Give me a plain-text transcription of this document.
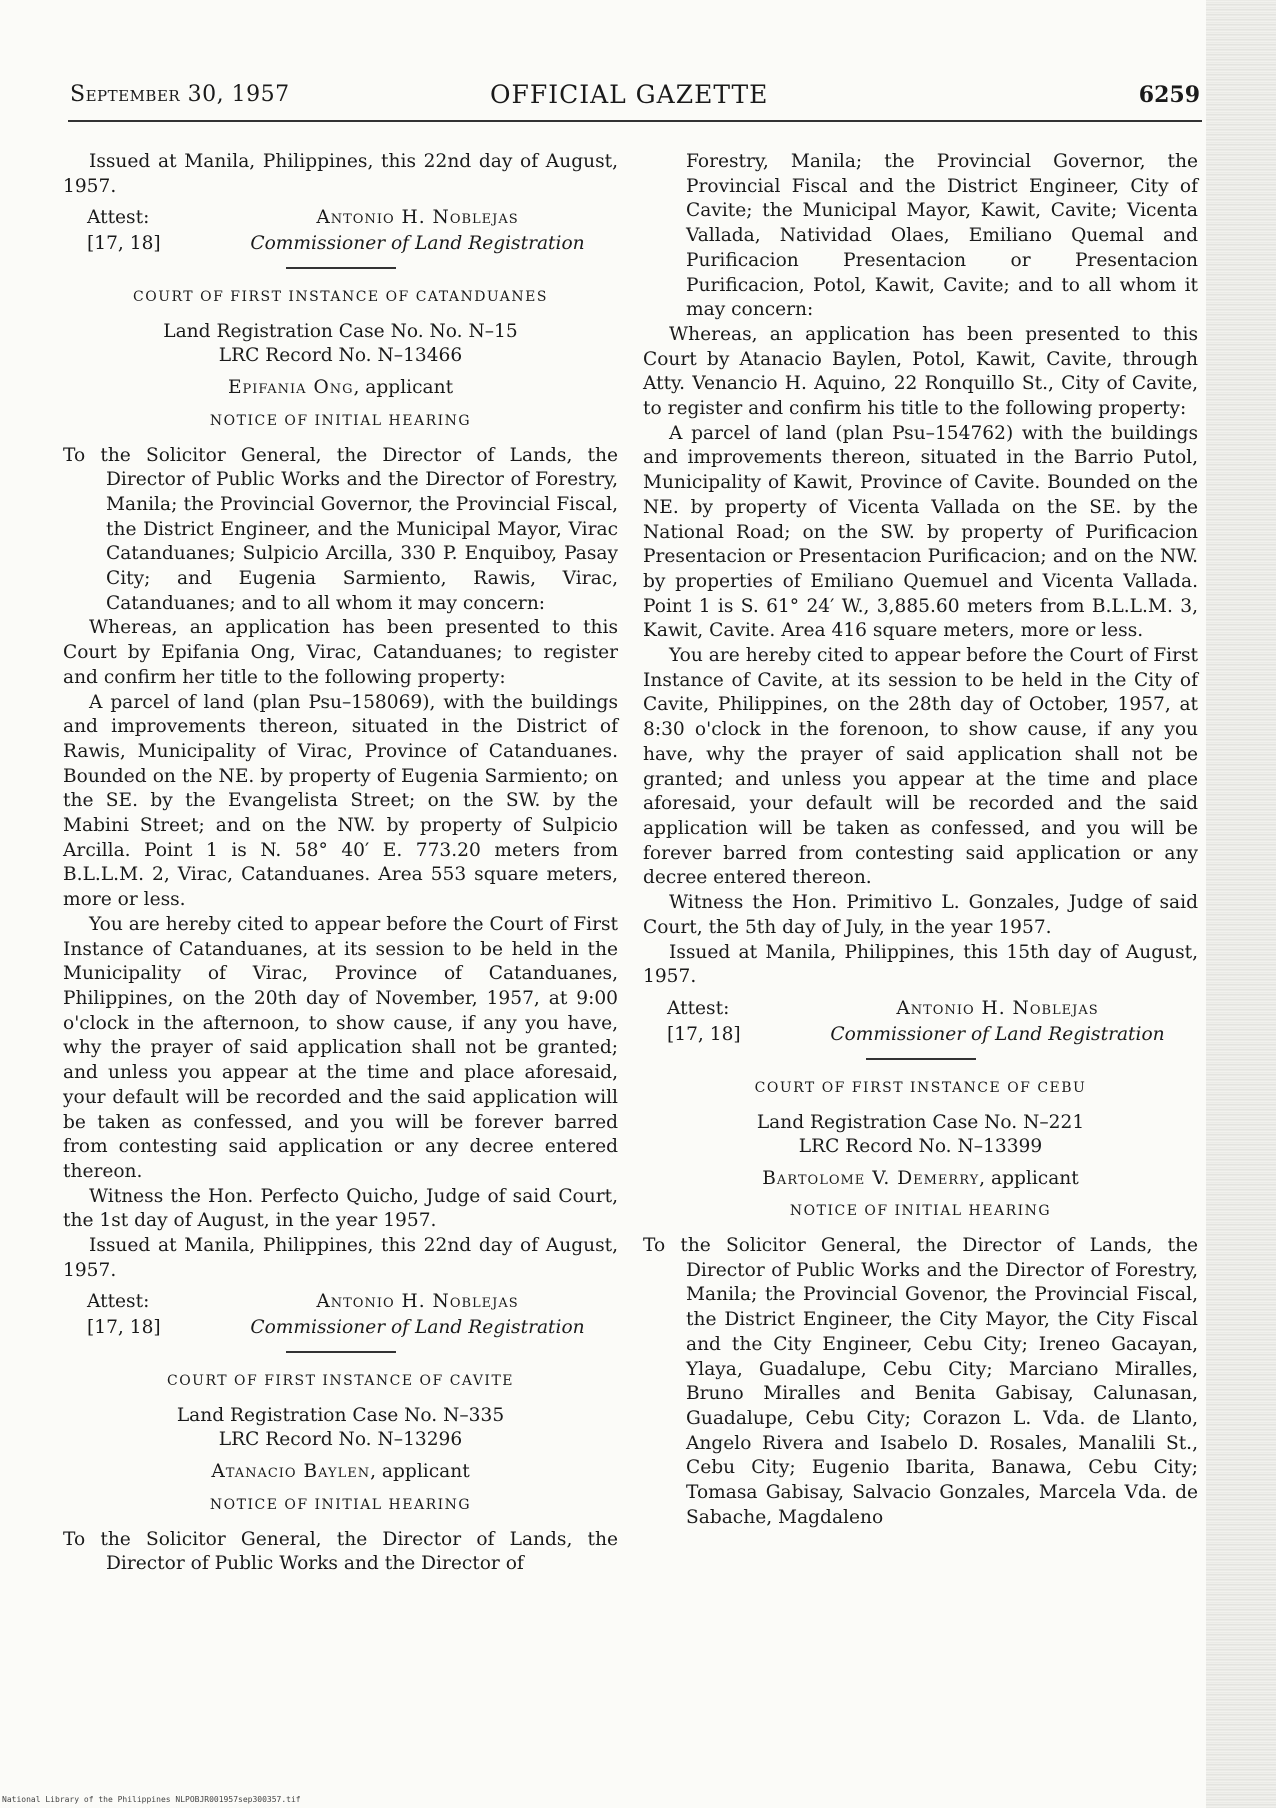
September 30, 1957	OFFICIAL GAZETTE	6259

Issued at Manila, Philippines, this 22nd day of August, 1957.

Attest:
[17, 18]
Antonio H. Noblejas
Commissioner of Land Registration
COURT OF FIRST INSTANCE OF CATANDUANES
Land Registration Case No. No. N–15
LRC Record No. N–13466
Epifania Ong, applicant
NOTICE OF INITIAL HEARING

To the Solicitor General, the Director of Lands, the Director of Public Works and the Director of Forestry, Manila; the Provincial Governor, the Provincial Fiscal, the District Engineer, and the Municipal Mayor, Virac Catanduanes; Sulpicio Arcilla, 330 P. Enquiboy, Pasay City; and Eugenia Sarmiento, Rawis, Virac, Catanduanes; and to all whom it may concern:

Whereas, an application has been presented to this Court by Epifania Ong, Virac, Catanduanes; to register and confirm her title to the following property:

A parcel of land (plan Psu–158069), with the buildings and improvements thereon, situated in the District of Rawis, Municipality of Virac, Province of Catanduanes. Bounded on the NE. by property of Eugenia Sarmiento; on the SE. by the Evangelista Street; on the SW. by the Mabini Street; and on the NW. by property of Sulpicio Arcilla. Point 1 is N. 58° 40′ E. 773.20 meters from B.L.L.M. 2, Virac, Catanduanes. Area 553 square meters, more or less.

You are hereby cited to appear before the Court of First Instance of Catanduanes, at its session to be held in the Municipality of Virac, Province of Catanduanes, Philippines, on the 20th day of November, 1957, at 9:00 o'clock in the afternoon, to show cause, if any you have, why the prayer of said application shall not be granted; and unless you appear at the time and place aforesaid, your default will be recorded and the said application will be taken as confessed, and you will be forever barred from contesting said application or any decree entered thereon.

Witness the Hon. Perfecto Quicho, Judge of said Court, the 1st day of August, in the year 1957.

Issued at Manila, Philippines, this 22nd day of August, 1957.

Attest:
[17, 18]
Antonio H. Noblejas
Commissioner of Land Registration
COURT OF FIRST INSTANCE OF CAVITE
Land Registration Case No. N–335
LRC Record No. N–13296
Atanacio Baylen, applicant
NOTICE OF INITIAL HEARING

To the Solicitor General, the Director of Lands, the Director of Public Works and the Director of

Forestry, Manila; the Provincial Governor, the Provincial Fiscal and the District Engineer, City of Cavite; the Municipal Mayor, Kawit, Cavite; Vicenta Vallada, Natividad Olaes, Emiliano Quemal and Purificacion Presentacion or Presentacion Purificacion, Potol, Kawit, Cavite; and to all whom it may concern:

Whereas, an application has been presented to this Court by Atanacio Baylen, Potol, Kawit, Cavite, through Atty. Venancio H. Aquino, 22 Ronquillo St., City of Cavite, to register and confirm his title to the following property:

A parcel of land (plan Psu–154762) with the buildings and improvements thereon, situated in the Barrio Putol, Municipality of Kawit, Province of Cavite. Bounded on the NE. by property of Vicenta Vallada on the SE. by the National Road; on the SW. by property of Purificacion Presentacion or Presentacion Purificacion; and on the NW. by properties of Emiliano Quemuel and Vicenta Vallada. Point 1 is S. 61° 24′ W., 3,885.60 meters from B.L.L.M. 3, Kawit, Cavite. Area 416 square meters, more or less.

You are hereby cited to appear before the Court of First Instance of Cavite, at its session to be held in the City of Cavite, Philippines, on the 28th day of October, 1957, at 8:30 o'clock in the forenoon, to show cause, if any you have, why the prayer of said application shall not be granted; and unless you appear at the time and place aforesaid, your default will be recorded and the said application will be taken as confessed, and you will be forever barred from contesting said application or any decree entered thereon.

Witness the Hon. Primitivo L. Gonzales, Judge of said Court, the 5th day of July, in the year 1957.

Issued at Manila, Philippines, this 15th day of August, 1957.

Attest:
[17, 18]
Antonio H. Noblejas
Commissioner of Land Registration
COURT OF FIRST INSTANCE OF CEBU
Land Registration Case No. N–221
LRC Record No. N–13399
Bartolome V. Demerry, applicant
NOTICE OF INITIAL HEARING

To the Solicitor General, the Director of Lands, the Director of Public Works and the Director of Forestry, Manila; the Provincial Govenor, the Provincial Fiscal, the District Engineer, the City Mayor, the City Fiscal and the City Engineer, Cebu City; Ireneo Gacayan, Ylaya, Guadalupe, Cebu City; Marciano Miralles, Bruno Miralles and Benita Gabisay, Calunasan, Guadalupe, Cebu City; Corazon L. Vda. de Llanto, Angelo Rivera and Isabelo D. Rosales, Manalili St., Cebu City; Eugenio Ibarita, Banawa, Cebu City; Tomasa Gabisay, Salvacio Gonzales, Marcela Vda. de Sabache, Magdaleno

National Library of the Philippines NLPOBJR001957sep300357.tif
